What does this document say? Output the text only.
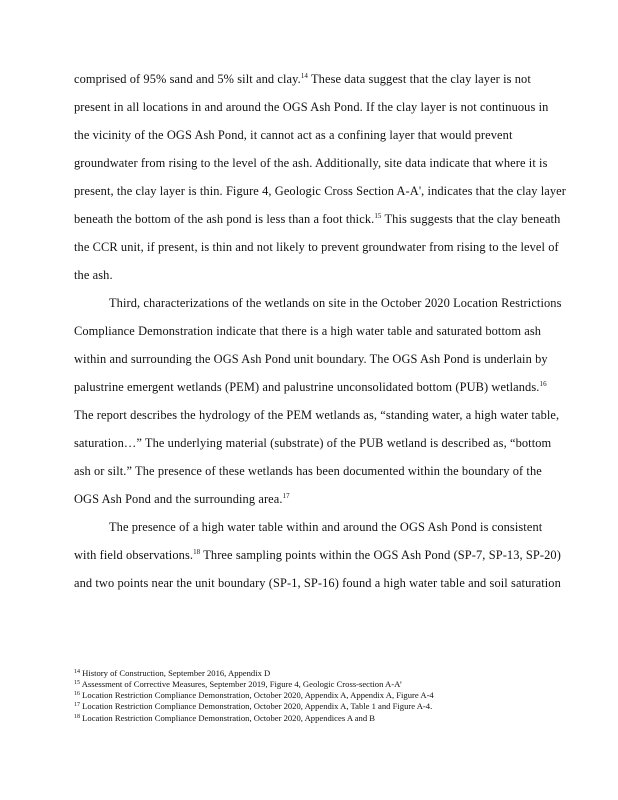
comprised of 95% sand and 5% silt and clay.$^{14}$ These data suggest that the clay layer is not
present in all locations in and around the OGS Ash Pond. If the clay layer is not continuous in
the vicinity of the OGS Ash Pond, it cannot act as a confining layer that would prevent
groundwater from rising to the level of the ash. Additionally, site data indicate that where it is
present, the clay layer is thin. Figure 4, Geologic Cross Section A-A', indicates that the clay layer
beneath the bottom of the ash pond is less than a foot thick.$^{15}$ This suggests that the clay beneath
the CCR unit, if present, is thin and not likely to prevent groundwater from rising to the level of
the ash.
Third, characterizations of the wetlands on site in the October 2020 Location Restrictions
Compliance Demonstration indicate that there is a high water table and saturated bottom ash
within and surrounding the OGS Ash Pond unit boundary. The OGS Ash Pond is underlain by
palustrine emergent wetlands (PEM) and palustrine unconsolidated bottom (PUB) wetlands.$^{16}$
The report describes the hydrology of the PEM wetlands as, “standing water, a high water table,
saturation…” The underlying material (substrate) of the PUB wetland is described as, “bottom
ash or silt.” The presence of these wetlands has been documented within the boundary of the
OGS Ash Pond and the surrounding area.$^{17}$
The presence of a high water table within and around the OGS Ash Pond is consistent
with field observations.$^{18}$ Three sampling points within the OGS Ash Pond (SP-7, SP-13, SP-20)
and two points near the unit boundary (SP-1, SP-16) found a high water table and soil saturation
$^{14}$ History of Construction, September 2016, Appendix D
$^{15}$ Assessment of Corrective Measures, September 2019, Figure 4, Geologic Cross-section A-A’
$^{16}$ Location Restriction Compliance Demonstration, October 2020, Appendix A, Appendix A, Figure A-4
$^{17}$ Location Restriction Compliance Demonstration, October 2020, Appendix A, Table 1 and Figure A-4.
$^{18}$ Location Restriction Compliance Demonstration, October 2020, Appendices A and B
